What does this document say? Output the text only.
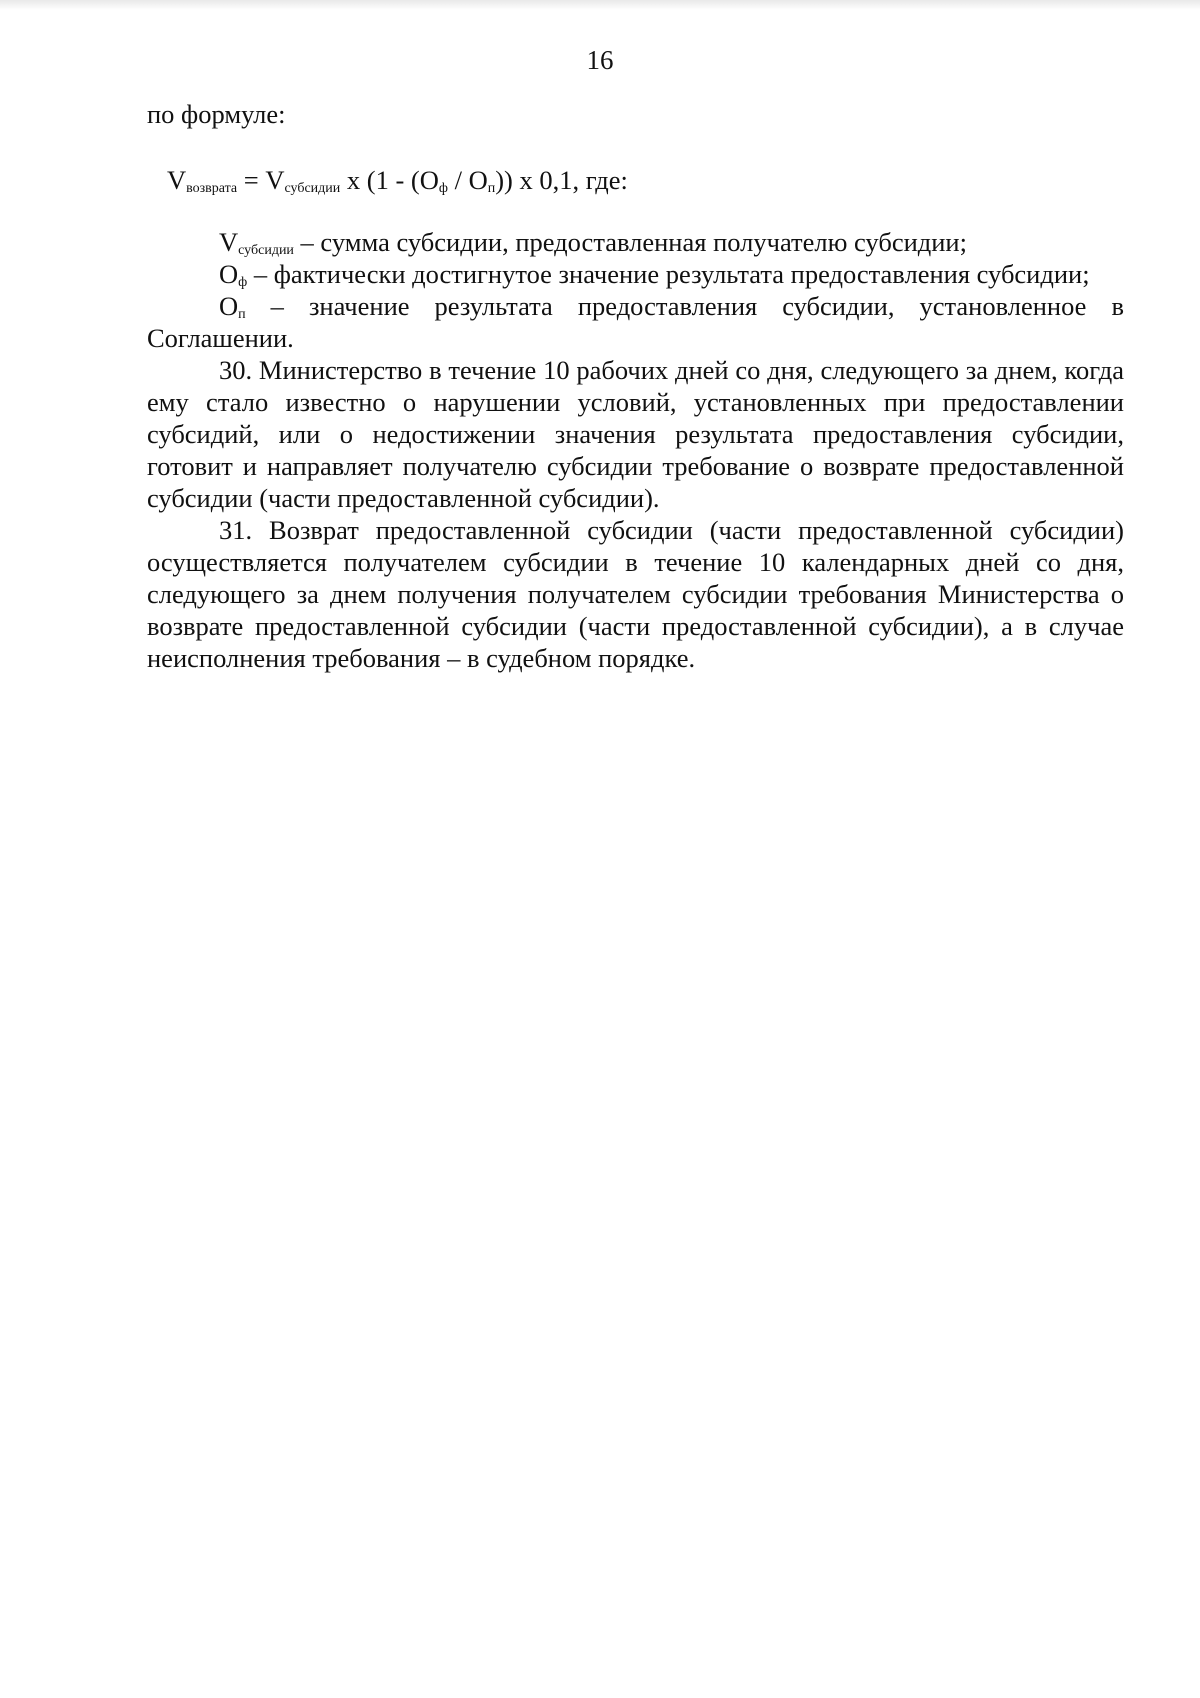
16

по формуле:

$V_{возврата} = V_{субсидии}$ x $(1 - (O_ф / O_п))$ x 0,1, где:

$V_{субсидии}$ – сумма субсидии, предоставленная получателю субсидии;

$O_ф$ – фактически достигнутое значение результата предоставления субсидии;

$O_п$ – значение результата предоставления субсидии, установленное в Соглашении.

30. Министерство в течение 10 рабочих дней со дня, следующего за днем, когда ему стало известно о нарушении условий, установленных при предоставлении субсидий, или о недостижении значения результата предоставления субсидии, готовит и направляет получателю субсидии требование о возврате предоставленной субсидии (части предоставленной субсидии).

31. Возврат предоставленной субсидии (части предоставленной субсидии) осуществляется получателем субсидии в течение 10 календарных дней со дня, следующего за днем получения получателем субсидии требования Министерства о возврате предоставленной субсидии (части предоставленной субсидии), а в случае неисполнения требования – в судебном порядке.
